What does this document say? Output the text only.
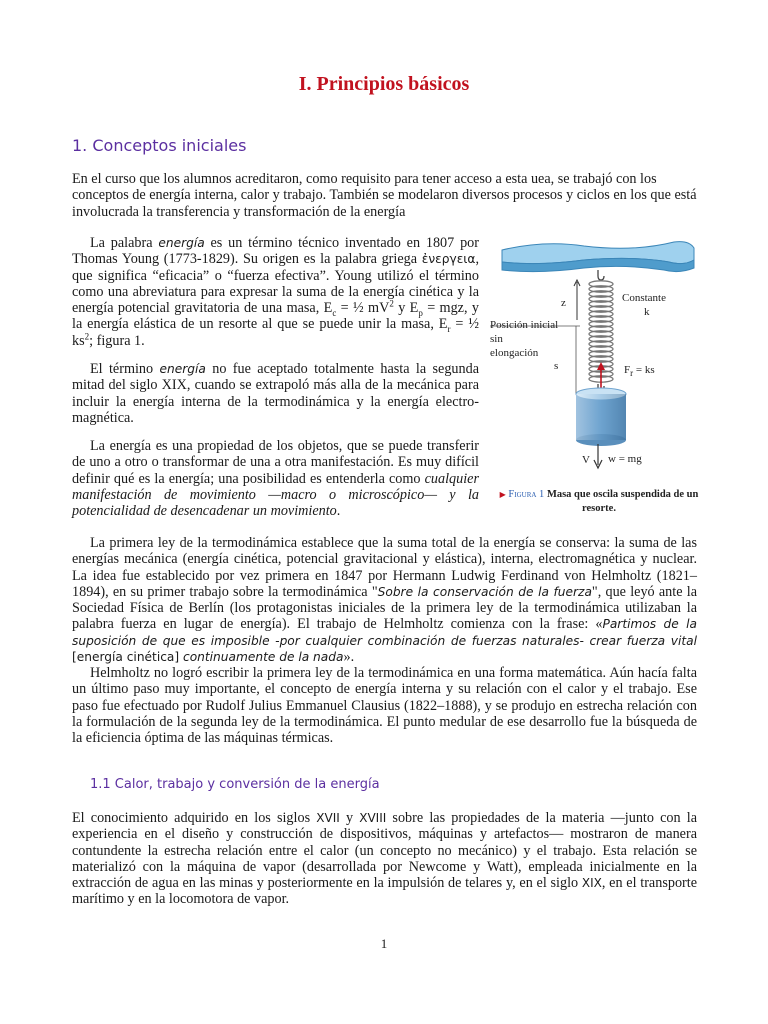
I. Principios básicos
1. Conceptos iniciales

En el curso que los alumnos acreditaron, como requisito para tener acceso a esta uea, se trabajó con los conceptos de energía interna, calor y trabajo. También se modelaron diversos procesos y ciclos en los que está involucrada la transferencia y transformación de la energía

La palabra energía es un término técnico inventado en 1807 por Thomas Young (1773-1829). Su origen es la palabra griega ἐνεργεια, que significa “eficacia” o “fuerza efectiva”. Young utilizó el término como una abreviatura para expresar la suma de la energía cinética y la energía potencial gravitatoria de una masa, $E_c$ = ½ $mV^2$ y $E_p$ = mgz, y la energía elástica de un resorte al que se puede unir la masa, $E_r$ = ½ $ks^2$; figura 1.

El término energía no fue aceptado totalmente hasta la segunda mitad del siglo XIX, cuando se extrapoló más alla de la mecánica para incluir la energía interna de la termodinámica y la energía electro-magnética.

La energía es una propiedad de los objetos, que se puede transferir de uno a otro o transformar de una a otra manifestación. Es muy difícil definir qué es la energía; una posibilidad es entenderla como cualquier manifestación de movimiento —macro o microscópico— y la potencialidad de desencadenar un movimiento.

z	Constante

k

Posición inicial

sin

elongación

s	$F_r$ = ks

V w = mg

▶ Figura 1 Masa que oscila suspendida de un resorte.

La primera ley de la termodinámica establece que la suma total de la energía se conserva: la suma de las energías mecánica (energía cinética, potencial gravitacional y elástica), interna, electromagnética y nuclear. La idea fue establecido por vez primera en 1847 por Hermann Ludwig Ferdinand von Helmholtz (1821–1894), en su primer trabajo sobre la termodinámica "Sobre la conservación de la fuerza", que leyó ante la Sociedad Física de Berlín (los protagonistas iniciales de la primera ley de la termodinámica utilizaban la palabra fuerza en lugar de energía). El trabajo de Helmholtz comienza con la frase: «Partimos de la suposición de que es imposible -por cualquier combinación de fuerzas naturales- crear fuerza vital [energía cinética] continuamente de la nada».

Helmholtz no logró escribir la primera ley de la termodinámica en una forma matemática. Aún hacía falta un último paso muy importante, el concepto de energía interna y su relación con el calor y el trabajo. Ese paso fue efectuado por Rudolf Julius Emmanuel Clausius (1822–1888), y se produjo en estrecha relación con la formulación de la segunda ley de la termodinámica. El punto medular de ese desarrollo fue la búsqueda de la eficiencia óptima de las máquinas térmicas.

1.1 Calor, trabajo y conversión de la energía

El conocimiento adquirido en los siglos XVII y XVIII sobre las propiedades de la materia —junto con la experiencia en el diseño y construcción de dispositivos, máquinas y artefactos— mostraron de manera contundente la estrecha relación entre el calor (un concepto no mecánico) y el trabajo. Esta relación se materializó con la máquina de vapor (desarrollada por Newcome y Watt), empleada inicialmente en la extracción de agua en las minas y posteriormente en la impulsión de telares y, en el siglo XIX, en el transporte marítimo y en la locomotora de vapor.

1
